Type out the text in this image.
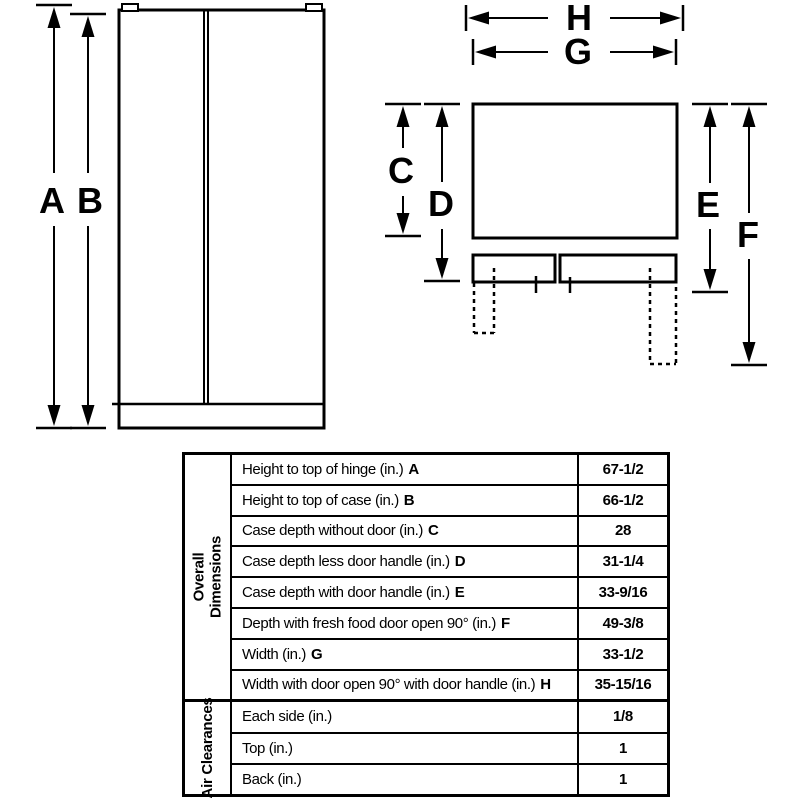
A B
H
G
C
D	E
F
Overall Dimensions
Height to top of hinge (in.) A	67-1/2
Height to top of case (in.) B	66-1/2
Case depth without door (in.) C	28
Case depth less door handle (in.) D	31-1/4
Case depth with door handle (in.) E	33-9/16
Depth with fresh food door open 90° (in.) F	49-3/8
Width (in.) G	33-1/2
Width with door open 90° with door handle (in.) H	35-15/16
Air Clearances Each side (in.)	1/8
Top (in.)	1
Back (in.)	1
